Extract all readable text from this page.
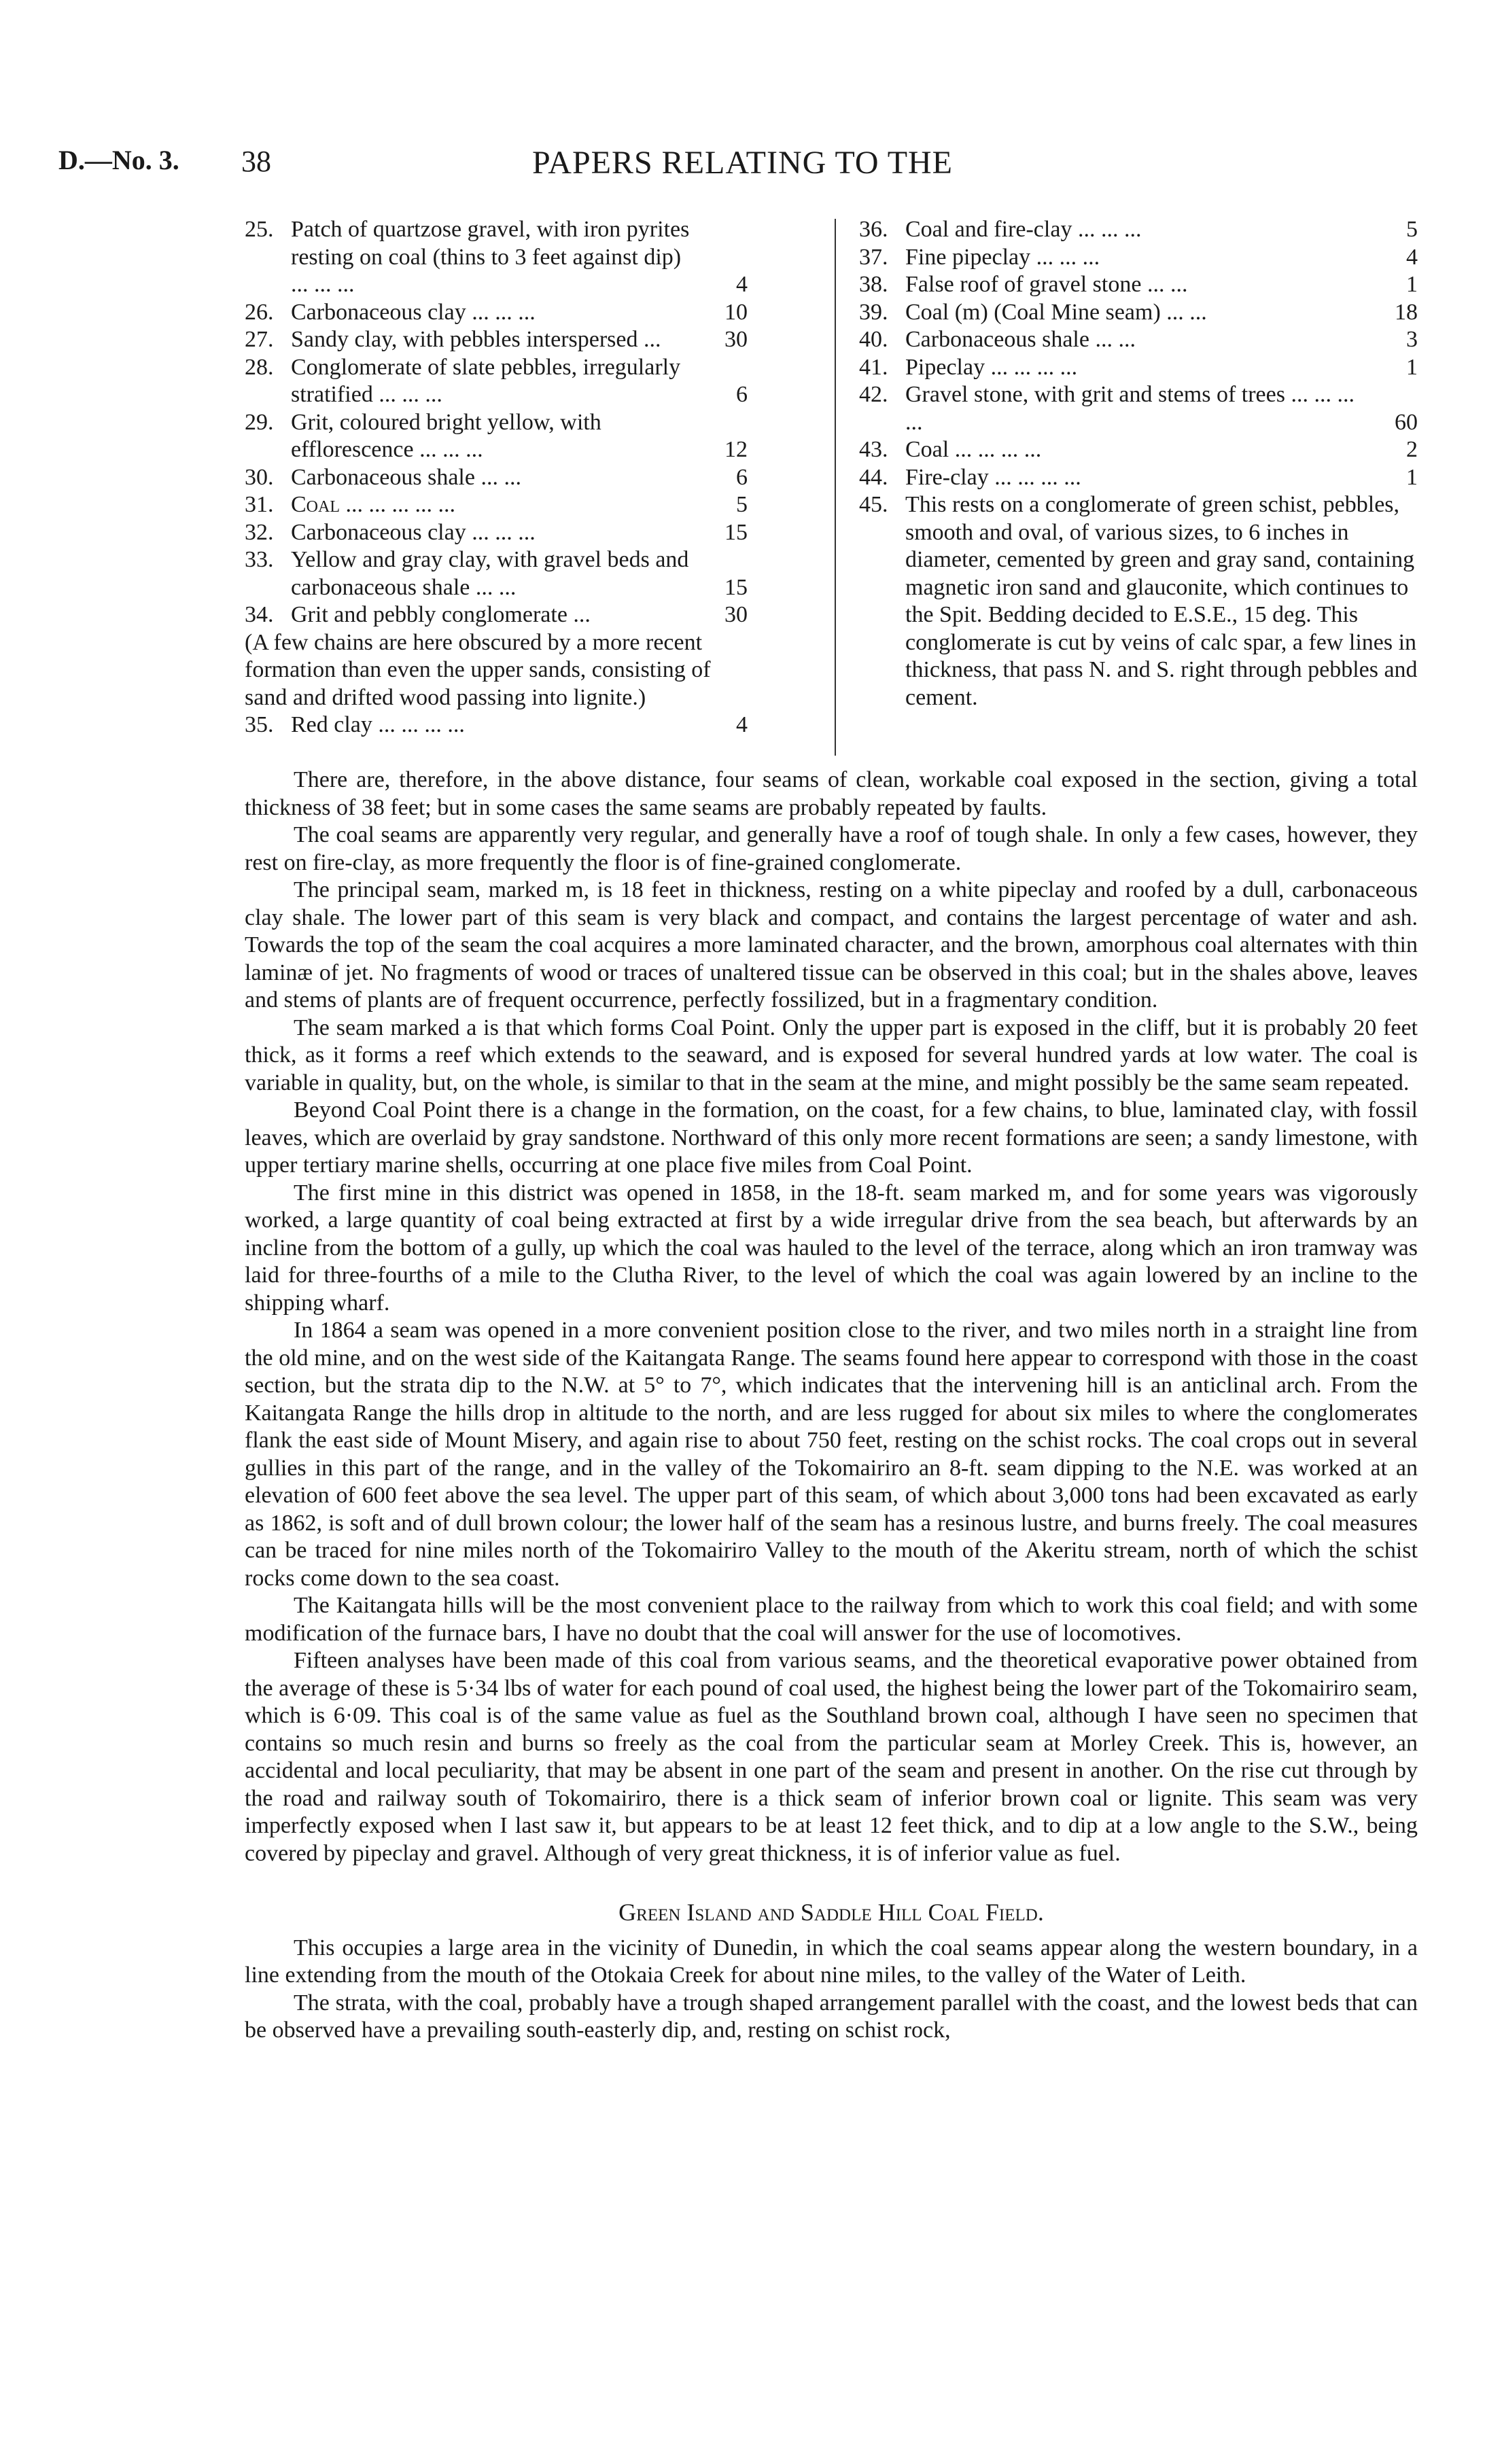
D.—No. 3. 38	PAPERS RELATING TO THE
25. Patch of quartzose gravel, with iron pyrites resting on coal (thins to 3 feet against dip) ... ... ...	4
26. Carbonaceous clay ... ... ...	10
27. Sandy clay, with pebbles interspersed ...	30
28. Conglomerate of slate pebbles, irregularly stratified ... ... ...	6
29. Grit, coloured bright yellow, with efflorescence ... ... ...	12
30. Carbonaceous shale ... ...	6
31. Coal ... ... ... ... ...	5
32. Carbonaceous clay ... ... ...	15
33. Yellow and gray clay, with gravel beds and carbonaceous shale ... ...	15
34. Grit and pebbly conglomerate ...	30
(A few chains are here obscured by a more recent formation than even the upper sands, consisting of sand and drifted wood passing into lignite.)
35. Red clay ... ... ... ...	4
36. Coal and fire-clay ... ... ...	5
37. Fine pipeclay ... ... ...	4
38. False roof of gravel stone ... ...	1
39. Coal (m) (Coal Mine seam) ... ...	18
40. Carbonaceous shale ... ...	3
41. Pipeclay ... ... ... ...	1
42. Gravel stone, with grit and stems of trees ... ... ... ...	60
43. Coal ... ... ... ...	2
44. Fire-clay ... ... ... ...	1
45. This rests on a conglomerate of green schist, pebbles, smooth and oval, of various sizes, to 6 inches in diameter, cemented by green and gray sand, containing magnetic iron sand and glauconite, which continues to the Spit. Bedding decided to E.S.E., 15 deg. This conglomerate is cut by veins of calc spar, a few lines in thickness, that pass N. and S. right through pebbles and cement.

There are, therefore, in the above distance, four seams of clean, workable coal exposed in the section, giving a total thickness of 38 feet; but in some cases the same seams are probably repeated by faults.

The coal seams are apparently very regular, and generally have a roof of tough shale. In only a few cases, however, they rest on fire-clay, as more frequently the floor is of fine-grained conglomerate.

The principal seam, marked m, is 18 feet in thickness, resting on a white pipeclay and roofed by a dull, carbonaceous clay shale. The lower part of this seam is very black and compact, and contains the largest percentage of water and ash. Towards the top of the seam the coal acquires a more laminated character, and the brown, amorphous coal alternates with thin laminæ of jet. No fragments of wood or traces of unaltered tissue can be observed in this coal; but in the shales above, leaves and stems of plants are of frequent occurrence, perfectly fossilized, but in a fragmentary condition.

The seam marked a is that which forms Coal Point. Only the upper part is exposed in the cliff, but it is probably 20 feet thick, as it forms a reef which extends to the seaward, and is exposed for several hundred yards at low water. The coal is variable in quality, but, on the whole, is similar to that in the seam at the mine, and might possibly be the same seam repeated.

Beyond Coal Point there is a change in the formation, on the coast, for a few chains, to blue, laminated clay, with fossil leaves, which are overlaid by gray sandstone. Northward of this only more recent formations are seen; a sandy limestone, with upper tertiary marine shells, occurring at one place five miles from Coal Point.

The first mine in this district was opened in 1858, in the 18-ft. seam marked m, and for some years was vigorously worked, a large quantity of coal being extracted at first by a wide irregular drive from the sea beach, but afterwards by an incline from the bottom of a gully, up which the coal was hauled to the level of the terrace, along which an iron tramway was laid for three-fourths of a mile to the Clutha River, to the level of which the coal was again lowered by an incline to the shipping wharf.

In 1864 a seam was opened in a more convenient position close to the river, and two miles north in a straight line from the old mine, and on the west side of the Kaitangata Range. The seams found here appear to correspond with those in the coast section, but the strata dip to the N.W. at 5° to 7°, which indicates that the intervening hill is an anticlinal arch. From the Kaitangata Range the hills drop in altitude to the north, and are less rugged for about six miles to where the conglomerates flank the east side of Mount Misery, and again rise to about 750 feet, resting on the schist rocks. The coal crops out in several gullies in this part of the range, and in the valley of the Tokomairiro an 8-ft. seam dipping to the N.E. was worked at an elevation of 600 feet above the sea level. The upper part of this seam, of which about 3,000 tons had been excavated as early as 1862, is soft and of dull brown colour; the lower half of the seam has a resinous lustre, and burns freely. The coal measures can be traced for nine miles north of the Tokomairiro Valley to the mouth of the Akeritu stream, north of which the schist rocks come down to the sea coast.

The Kaitangata hills will be the most convenient place to the railway from which to work this coal field; and with some modification of the furnace bars, I have no doubt that the coal will answer for the use of locomotives.

Fifteen analyses have been made of this coal from various seams, and the theoretical evaporative power obtained from the average of these is 5·34 lbs of water for each pound of coal used, the highest being the lower part of the Tokomairiro seam, which is 6·09. This coal is of the same value as fuel as the Southland brown coal, although I have seen no specimen that contains so much resin and burns so freely as the coal from the particular seam at Morley Creek. This is, however, an accidental and local peculiarity, that may be absent in one part of the seam and present in another. On the rise cut through by the road and railway south of Tokomairiro, there is a thick seam of inferior brown coal or lignite. This seam was very imperfectly exposed when I last saw it, but appears to be at least 12 feet thick, and to dip at a low angle to the S.W., being covered by pipeclay and gravel. Although of very great thickness, it is of inferior value as fuel.

Green Island and Saddle Hill Coal Field.

This occupies a large area in the vicinity of Dunedin, in which the coal seams appear along the western boundary, in a line extending from the mouth of the Otokaia Creek for about nine miles, to the valley of the Water of Leith.

The strata, with the coal, probably have a trough shaped arrangement parallel with the coast, and the lowest beds that can be observed have a prevailing south-easterly dip, and, resting on schist rock,
